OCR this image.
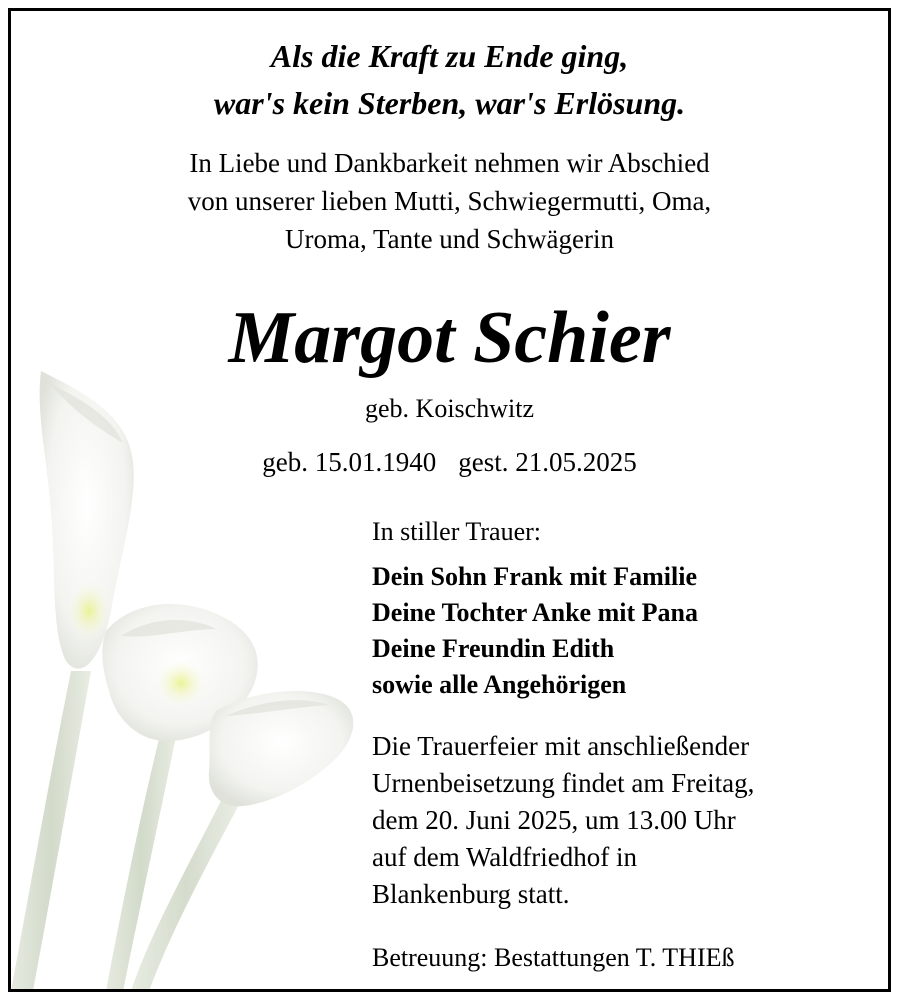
Als die Kraft zu Ende ging,
war's kein Sterben, war's Erlösung.
In Liebe und Dankbarkeit nehmen wir Abschied
von unserer lieben Mutti, Schwiegermutti, Oma,
Uroma, Tante und Schwägerin
Margot Schier
geb. Koischwitz
geb. 15.01.1940 gest. 21.05.2025
In stiller Trauer:
Dein Sohn Frank mit Familie
Deine Tochter Anke mit Pana
Deine Freundin Edith
sowie alle Angehörigen
Die Trauerfeier mit anschließender
Urnenbeisetzung findet am Freitag,
dem 20. Juni 2025, um 13.00 Uhr
auf dem Waldfriedhof in
Blankenburg statt.
Betreuung: Bestattungen T. THIEß
